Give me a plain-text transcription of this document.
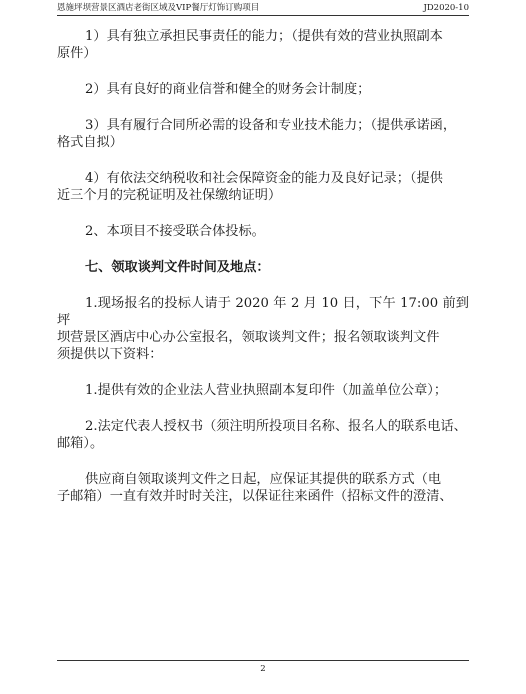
恩施坪坝营景区酒店老街区域及VIP餐厅灯饰订购项目	JD2020-10

1）具有独立承担民事责任的能力；（提供有效的营业执照副本
原件）

2）具有良好的商业信誉和健全的财务会计制度；

3）具有履行合同所必需的设备和专业技术能力；（提供承诺函，
格式自拟）

4）有依法交纳税收和社会保障资金的能力及良好记录；（提供
近三个月的完税证明及社保缴纳证明）

2、本项目不接受联合体投标。

七、领取谈判文件时间及地点：

1.现场报名的投标人请于 2020 年 2 月 10 日，下午 17:00 前到坪
坝营景区酒店中心办公室报名，领取谈判文件；报名领取谈判文件
须提供以下资料：

1.提供有效的企业法人营业执照副本复印件（加盖单位公章）；

2.法定代表人授权书（须注明所投项目名称、报名人的联系电话、
邮箱）。

供应商自领取谈判文件之日起，应保证其提供的联系方式（电
子邮箱）一直有效并时时关注，以保证往来函件（招标文件的澄清、

2
